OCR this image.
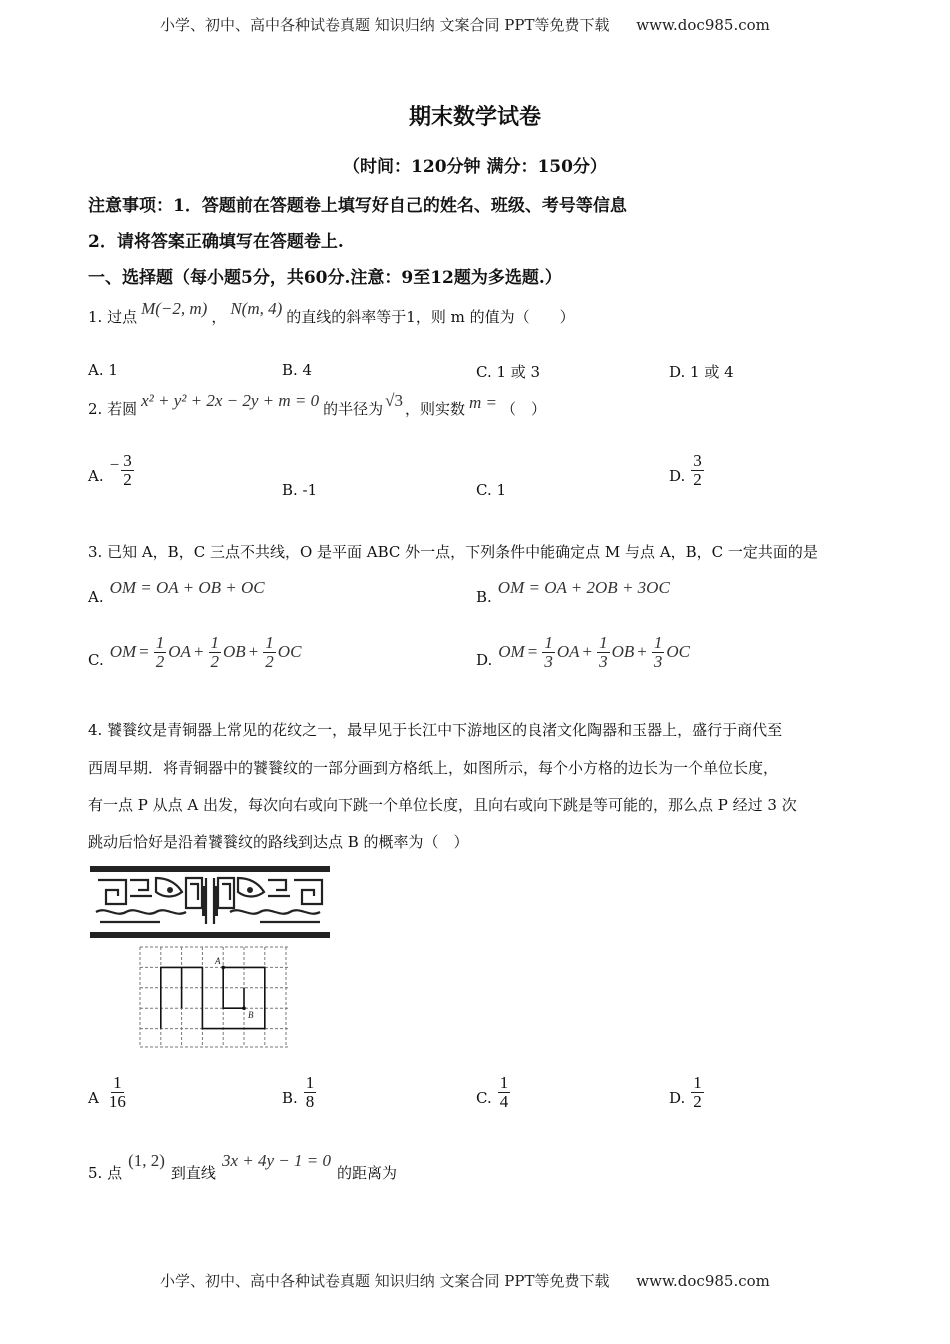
小学、初中、高中各种试卷真题 知识归纳 文案合同 PPT等免费下载 www.doc985.com
期末数学试卷
（时间：120分钟 满分：150分）
注意事项：1．答题前在答题卷上填写好自己的姓名、班级、考号等信息
2．请将答案正确填写在答题卷上.
一、选择题（每小题5分，共60分.注意：9至12题为多选题.）
1. 过点 M(−2, m) ， N(m, 4) 的直线的斜率等于1，则 m 的值为（　　）
A. 1	B. 4	C. 1 或 3	D. 1 或 4
2. 若圆 x² + y² + 2x − 2y + m = 0 的半径为 √3 ，则实数 m = （　）
A.
− $\frac{3}{2}$
B. -1	C. 1
D. $\frac{3}{2}$
3. 已知 A，B，C 三点不共线，O 是平面 ABC 外一点，下列条件中能确定点 M 与点 A，B，C 一定共面的是
A. OM = OA + OB + OC	B. OM = OA + 2OB + 3OC
C. OM = $\frac{1}{2}$ OA + $\frac{1}{2}$ OB + $\frac{1}{2}$ OC	D. OM = $\frac{1}{3}$ OA + $\frac{1}{3}$ OB + $\frac{1}{3}$ OC
4. 饕餮纹是青铜器上常见的花纹之一，最早见于长江中下游地区的良渚文化陶器和玉器上，盛行于商代至
西周早期．将青铜器中的饕餮纹的一部分画到方格纸上，如图所示，每个小方格的边长为一个单位长度，
有一点 P 从点 A 出发，每次向右或向下跳一个单位长度，且向右或向下跳是等可能的，那么点 P 经过 3 次
跳动后恰好是沿着饕餮纹的路线到达点 B 的概率为（　）
A
B
A $\frac{1}{16}$	B. $\frac{1}{8}$	C. $\frac{1}{4}$	D. $\frac{1}{2}$
5. 点
(1, 2)
到直线
3x + 4y − 1 = 0
的距离为
小学、初中、高中各种试卷真题 知识归纳 文案合同 PPT等免费下载 www.doc985.com
